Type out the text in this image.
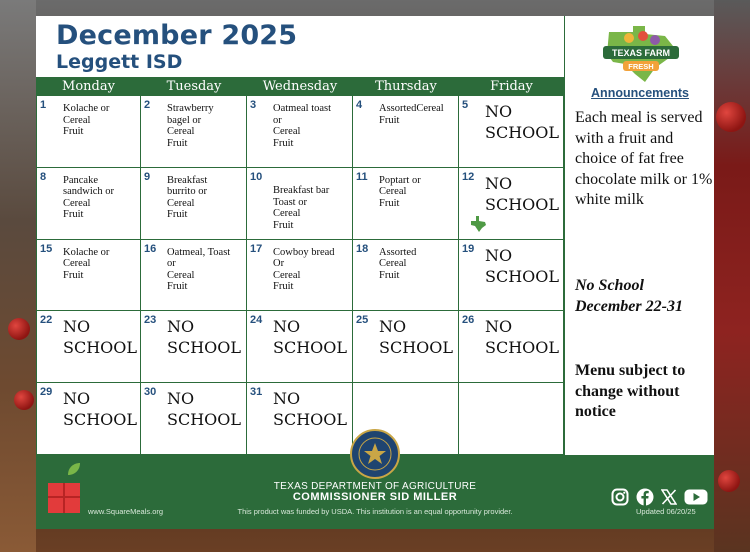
December 2025
Leggett ISD
Monday	Tuesday	Wednesday	Thursday	Friday
1 Kolache or
Cereal
Fruit
2 Strawberry
bagel or
Cereal
Fruit
3 Oatmeal toast
or
Cereal
Fruit
4 AssortedCereal
Fruit
5 NO
SCHOOL
8 Pancake
sandwich or
Cereal
Fruit
9 Breakfast
burrito or
Cereal
Fruit
10

Breakfast bar
Toast or
Cereal
Fruit
11 Poptart or
Cereal
Fruit
12 NO
SCHOOL
15 Kolache or
Cereal
Fruit
16 Oatmeal, Toast
or
Cereal
Fruit
17 Cowboy bread
Or
Cereal
Fruit
18 Assorted
Cereal
Fruit
19 NO
SCHOOL
22 NO
SCHOOL
23 NO
SCHOOL
24 NO
SCHOOL
25 NO
SCHOOL
26 NO
SCHOOL
29 NO
SCHOOL
30 NO
SCHOOL
31 NO
SCHOOL
TEXAS FARM
FRESH
Announcements
Each meal is served with a fruit and choice of fat free chocolate milk or 1% white milk
No School December 22-31
Menu subject to change without notice
www.SquareMeals.org
TEXAS DEPARTMENT OF AGRICULTURE
COMMISSIONER SID MILLER
This product was funded by USDA. This institution is an equal opportunity provider.	Updated 06/20/25
